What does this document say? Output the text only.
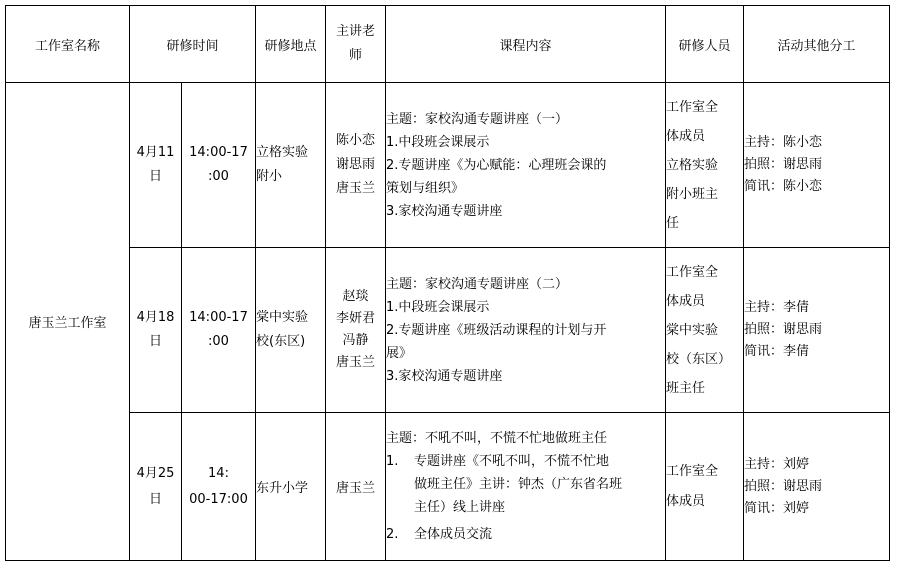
工作室名称	研修时间		研修地点	主讲老
师	课程内容	研修人员	活动其他分工
唐玉兰工作室	4月11
日	14:00-17
:00	立格实验
附小	陈小恋
谢思雨
唐玉兰	主题：家校沟通专题讲座（一）
1.中段班会课展示
2.专题讲座《为心赋能：心理班会课的
策划与组织》
3.家校沟通专题讲座	工作室全
体成员
立格实验
附小班主
任	主持：陈小恋
拍照：谢思雨
简讯：陈小恋

	4月18
日	14:00-17
:00	棠中实验
校(东区)	赵琰
李妍君
冯静
唐玉兰	主题：家校沟通专题讲座（二）
1.中段班会课展示
2.专题讲座《班级活动课程的计划与开
展》
3.家校沟通专题讲座	工作室全
体成员
棠中实验
校（东区）
班主任	主持：李倩
拍照：谢思雨
简讯：李倩

	4月25
日	14:
00-17:00	东升小学	唐玉兰	主题：不吼不叫，不慌不忙地做班主任
1. 专题讲座《不吼不叫，不慌不忙地
做班主任》主讲：钟杰（广东省名班
主任）线上讲座
2. 全体成员交流	工作室全
体成员	主持：刘婷
拍照：谢思雨
简讯：刘婷
